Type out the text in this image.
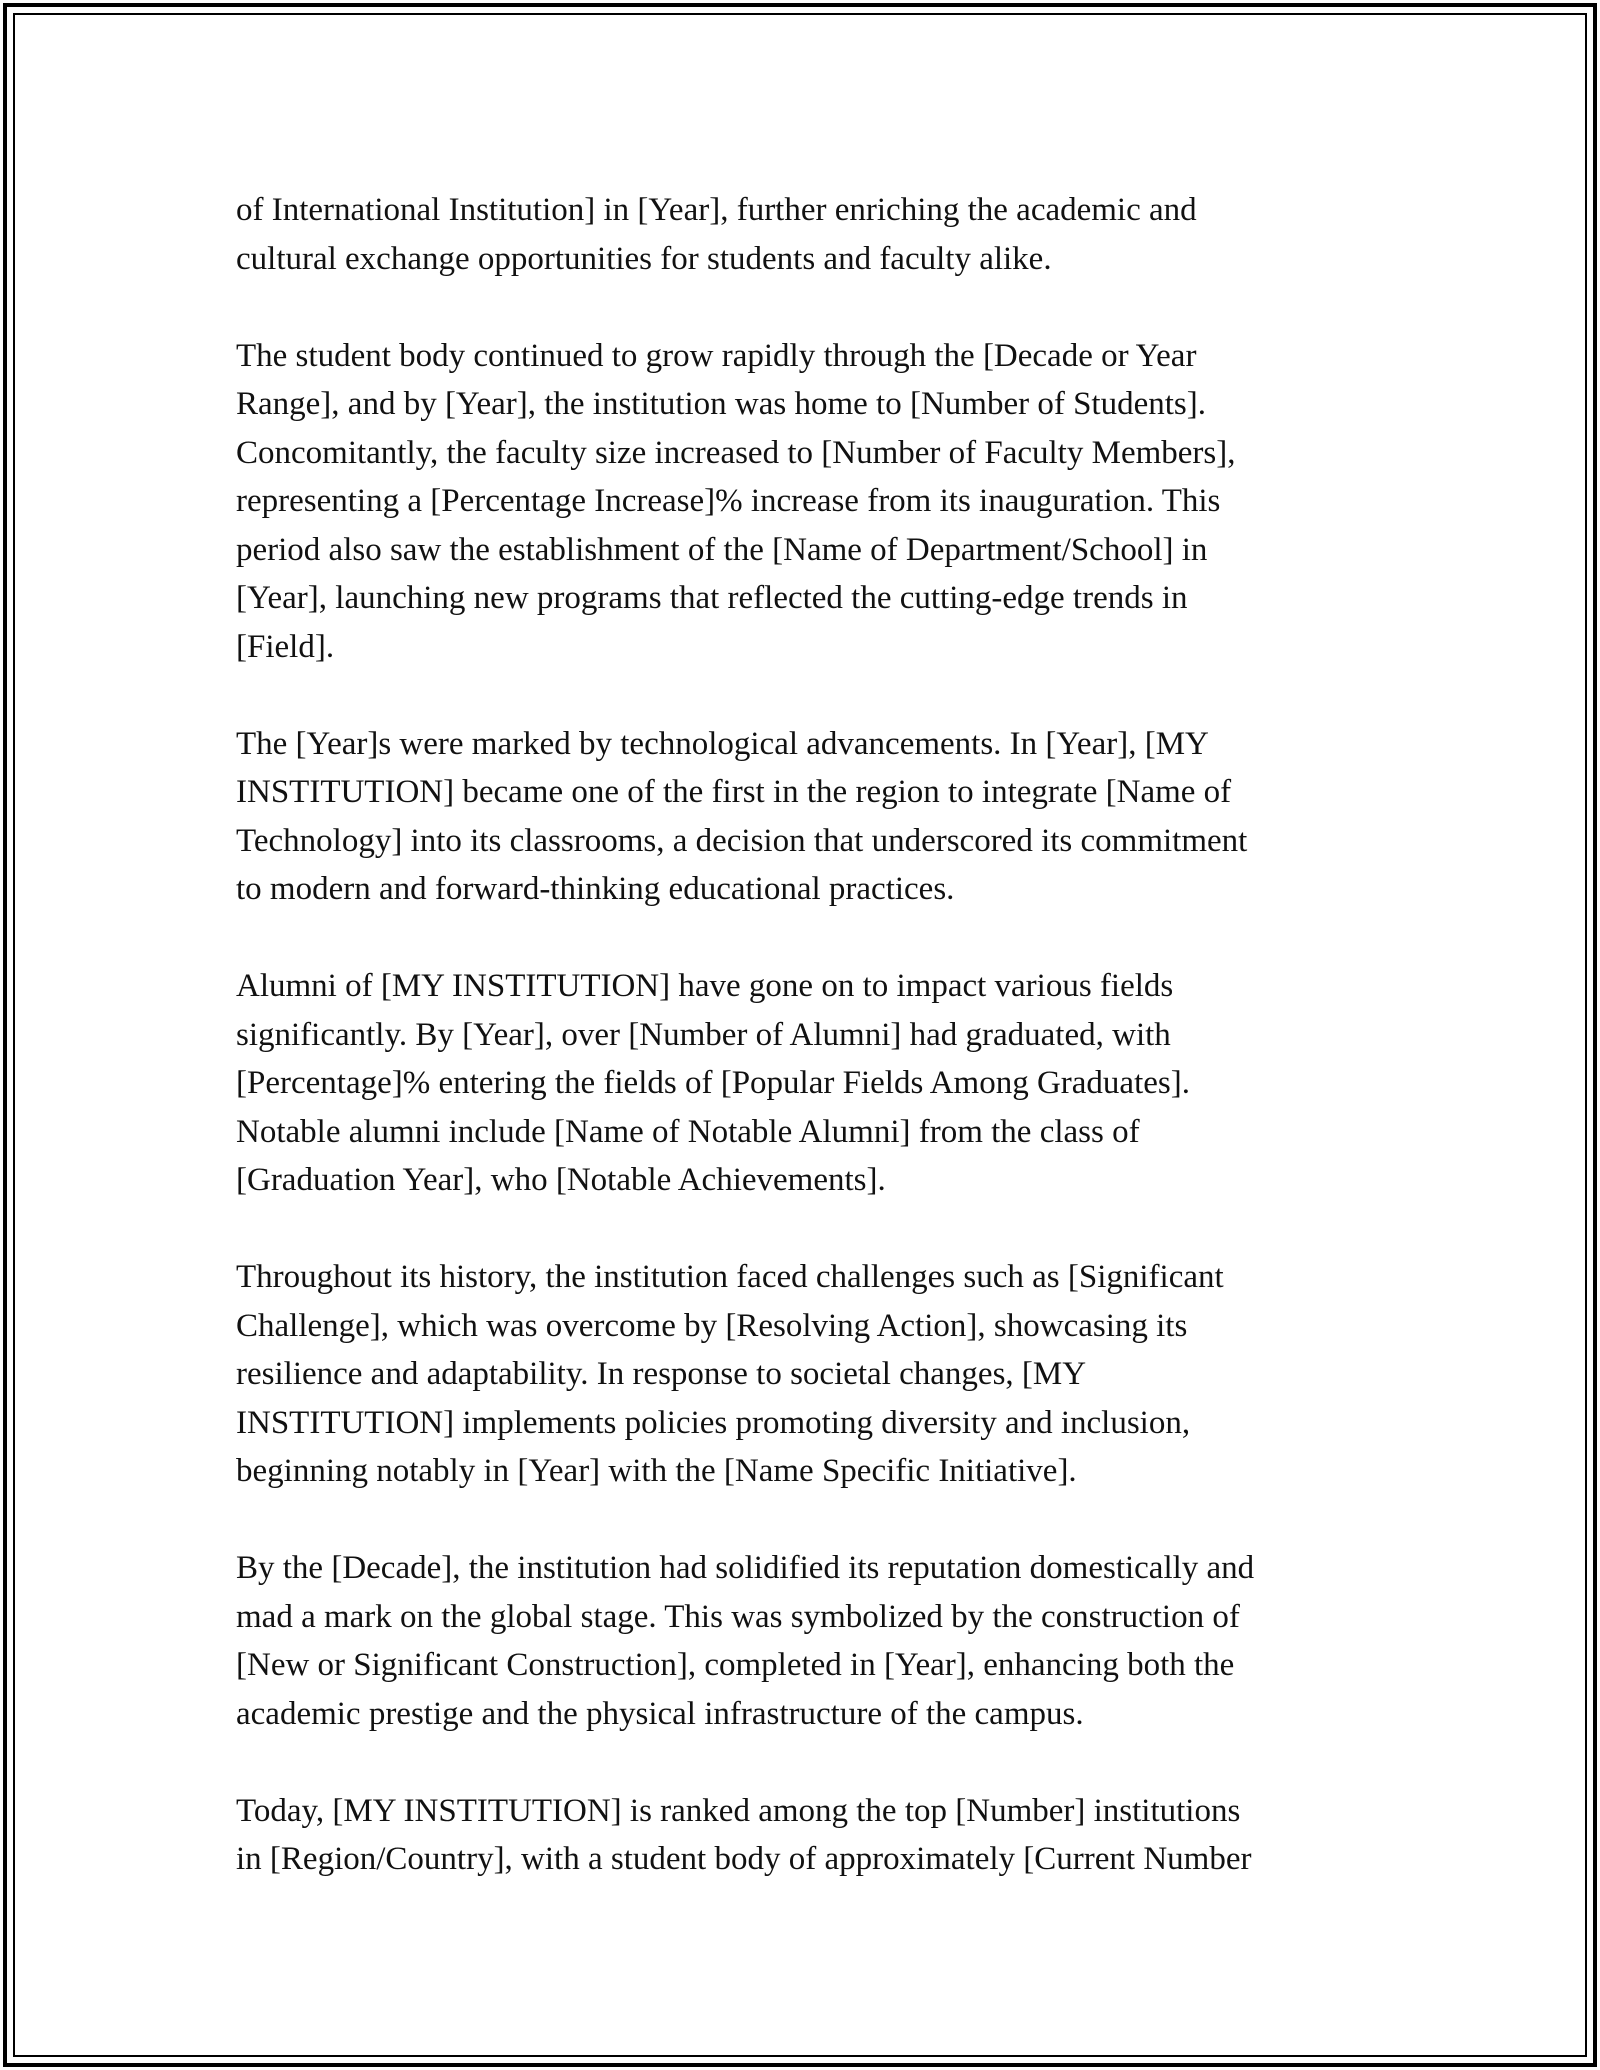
of International Institution] in [Year], further enriching the academic and
cultural exchange opportunities for students and faculty alike.

The student body continued to grow rapidly through the [Decade or Year
Range], and by [Year], the institution was home to [Number of Students].
Concomitantly, the faculty size increased to [Number of Faculty Members],
representing a [Percentage Increase]% increase from its inauguration. This
period also saw the establishment of the [Name of Department/School] in
[Year], launching new programs that reflected the cutting-edge trends in
[Field].

The [Year]s were marked by technological advancements. In [Year], [MY
INSTITUTION] became one of the first in the region to integrate [Name of
Technology] into its classrooms, a decision that underscored its commitment
to modern and forward-thinking educational practices.

Alumni of [MY INSTITUTION] have gone on to impact various fields
significantly. By [Year], over [Number of Alumni] had graduated, with
[Percentage]% entering the fields of [Popular Fields Among Graduates].
Notable alumni include [Name of Notable Alumni] from the class of
[Graduation Year], who [Notable Achievements].

Throughout its history, the institution faced challenges such as [Significant
Challenge], which was overcome by [Resolving Action], showcasing its
resilience and adaptability. In response to societal changes, [MY
INSTITUTION] implements policies promoting diversity and inclusion,
beginning notably in [Year] with the [Name Specific Initiative].

By the [Decade], the institution had solidified its reputation domestically and
mad a mark on the global stage. This was symbolized by the construction of
[New or Significant Construction], completed in [Year], enhancing both the
academic prestige and the physical infrastructure of the campus.

Today, [MY INSTITUTION] is ranked among the top [Number] institutions
in [Region/Country], with a student body of approximately [Current Number
